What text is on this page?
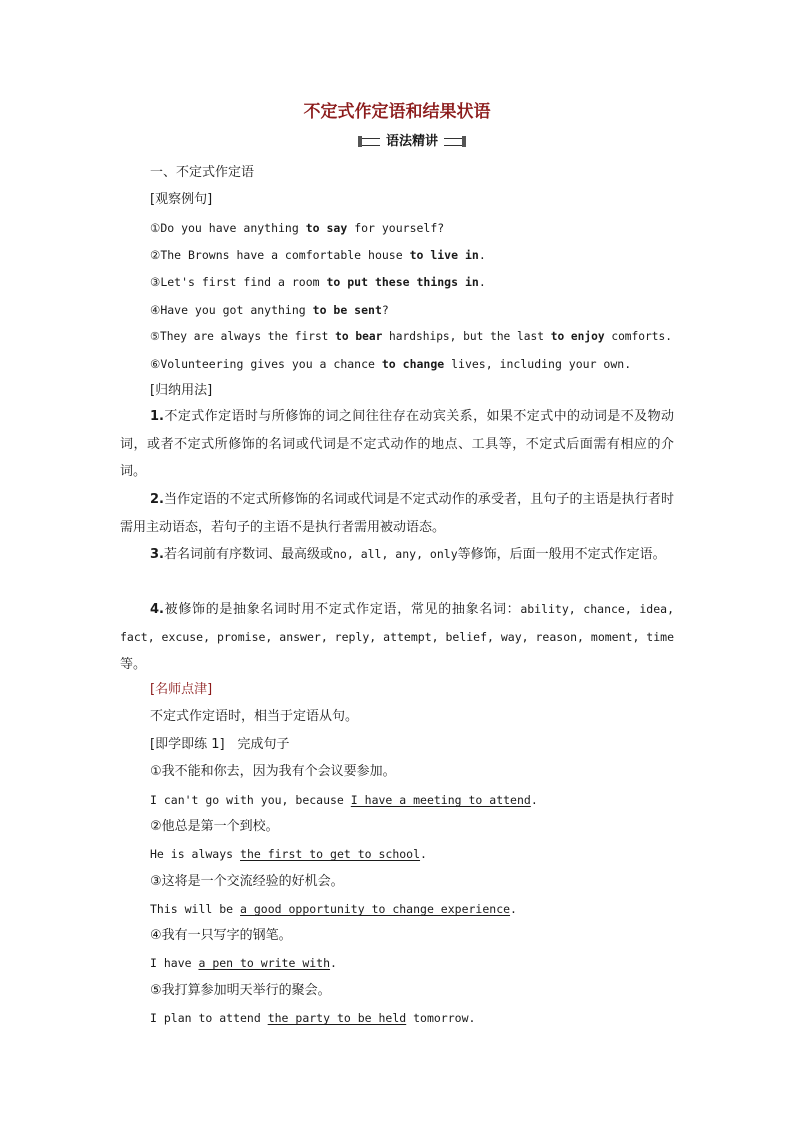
不定式作定语和结果状语
语法精讲
一、不定式作定语
[观察例句]
①Do you have anything to say for yourself?
②The Browns have a comfortable house to live in.
③Let's first find a room to put these things in.
④Have you got anything to be sent?
⑤They are always the first to bear hardships, but the last to enjoy comforts.
⑥Volunteering gives you a chance to change lives, including your own.
[归纳用法]
1.不定式作定语时与所修饰的词之间往往存在动宾关系，如果不定式中的动词是不及物动词，或者不定式所修饰的名词或代词是不定式动作的地点、工具等，不定式后面需有相应的介词。
2.当作定语的不定式所修饰的名词或代词是不定式动作的承受者，且句子的主语是执行者时需用主动语态，若句子的主语不是执行者需用被动语态。
3.若名词前有序数词、最高级或no, all, any, only等修饰，后面一般用不定式作定语。
4.被修饰的是抽象名词时用不定式作定语，常见的抽象名词：ability, chance, idea, fact, excuse, promise, answer, reply, attempt, belief, way, reason, moment, time等。
[名师点津]
不定式作定语时，相当于定语从句。
[即学即练 1]　完成句子
①我不能和你去，因为我有个会议要参加。
I can't go with you, because I have a meeting to attend.
②他总是第一个到校。
He is always the first to get to school.
③这将是一个交流经验的好机会。
This will be a good opportunity to change experience.
④我有一只写字的钢笔。
I have a pen to write with.
⑤我打算参加明天举行的聚会。
I plan to attend the party to be held tomorrow.
